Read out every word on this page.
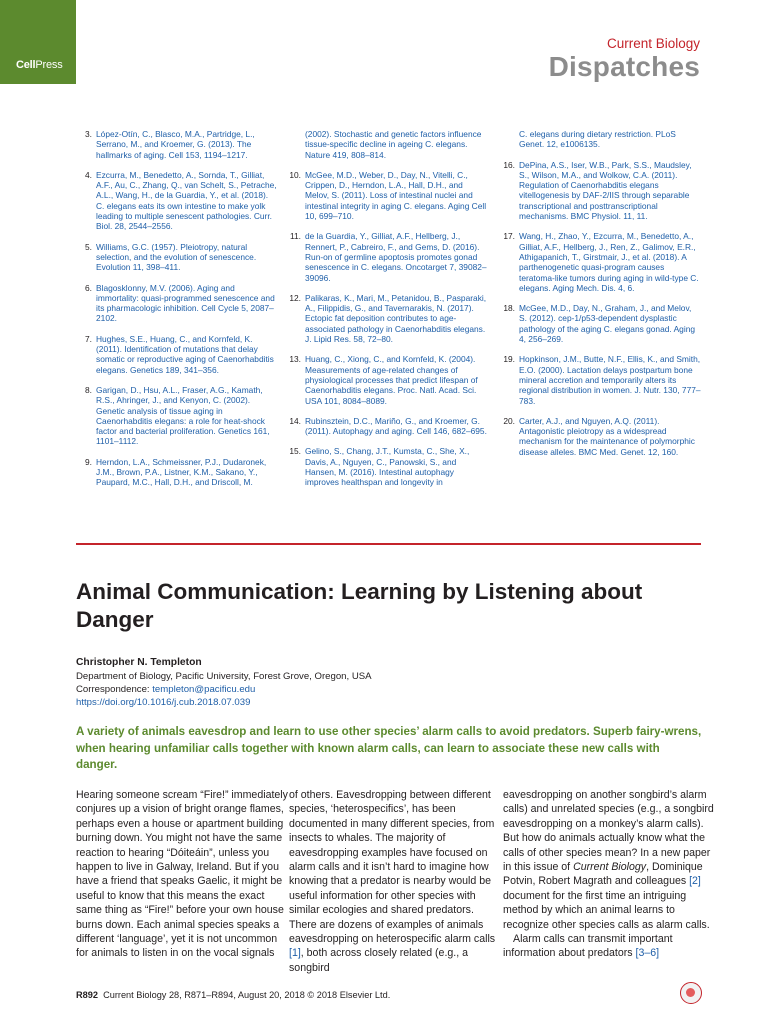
CellPress
Current Biology
Dispatches
3. López-Otín, C., Blasco, M.A., Partridge, L., Serrano, M., and Kroemer, G. (2013). The hallmarks of aging. Cell 153, 1194–1217.
4. Ezcurra, M., Benedetto, A., Sornda, T., Gilliat, A.F., Au, C., Zhang, Q., van Schelt, S., Petrache, A.L., Wang, H., de la Guardia, Y., et al. (2018). C. elegans eats its own intestine to make yolk leading to multiple senescent pathologies. Curr. Biol. 28, 2544–2556.
5. Williams, G.C. (1957). Pleiotropy, natural selection, and the evolution of senescence. Evolution 11, 398–411.
6. Blagosklonny, M.V. (2006). Aging and immortality: quasi-programmed senescence and its pharmacologic inhibition. Cell Cycle 5, 2087–2102.
7. Hughes, S.E., Huang, C., and Kornfeld, K. (2011). Identification of mutations that delay somatic or reproductive aging of Caenorhabditis elegans. Genetics 189, 341–356.
8. Garigan, D., Hsu, A.L., Fraser, A.G., Kamath, R.S., Ahringer, J., and Kenyon, C. (2002). Genetic analysis of tissue aging in Caenorhabditis elegans: a role for heat-shock factor and bacterial proliferation. Genetics 161, 1101–1112.
9. Herndon, L.A., Schmeissner, P.J., Dudaronek, J.M., Brown, P.A., Listner, K.M., Sakano, Y., Paupard, M.C., Hall, D.H., and Driscoll, M.
(2002). Stochastic and genetic factors influence tissue-specific decline in ageing C. elegans. Nature 419, 808–814.
10. McGee, M.D., Weber, D., Day, N., Vitelli, C., Crippen, D., Herndon, L.A., Hall, D.H., and Melov, S. (2011). Loss of intestinal nuclei and intestinal integrity in aging C. elegans. Aging Cell 10, 699–710.
11. de la Guardia, Y., Gilliat, A.F., Hellberg, J., Rennert, P., Cabreiro, F., and Gems, D. (2016). Run-on of germline apoptosis promotes gonad senescence in C. elegans. Oncotarget 7, 39082–39096.
12. Palikaras, K., Mari, M., Petanidou, B., Pasparaki, A., Filippidis, G., and Tavernarakis, N. (2017). Ectopic fat deposition contributes to age-associated pathology in Caenorhabditis elegans. J. Lipid Res. 58, 72–80.
13. Huang, C., Xiong, C., and Kornfeld, K. (2004). Measurements of age-related changes of physiological processes that predict lifespan of Caenorhabditis elegans. Proc. Natl. Acad. Sci. USA 101, 8084–8089.
14. Rubinsztein, D.C., Mariño, G., and Kroemer, G. (2011). Autophagy and aging. Cell 146, 682–695.
15. Gelino, S., Chang, J.T., Kumsta, C., She, X., Davis, A., Nguyen, C., Panowski, S., and Hansen, M. (2016). Intestinal autophagy improves healthspan and longevity in
C. elegans during dietary restriction. PLoS Genet. 12, e1006135.
16. DePina, A.S., Iser, W.B., Park, S.S., Maudsley, S., Wilson, M.A., and Wolkow, C.A. (2011). Regulation of Caenorhabditis elegans vitellogenesis by DAF-2/IIS through separable transcriptional and posttranscriptional mechanisms. BMC Physiol. 11, 11.
17. Wang, H., Zhao, Y., Ezcurra, M., Benedetto, A., Gilliat, A.F., Hellberg, J., Ren, Z., Galimov, E.R., Athigapanich, T., Girstmair, J., et al. (2018). A parthenogenetic quasi-program causes teratoma-like tumors during aging in wild-type C. elegans. Aging Mech. Dis. 4, 6.
18. McGee, M.D., Day, N., Graham, J., and Melov, S. (2012). cep-1/p53-dependent dysplastic pathology of the aging C. elegans gonad. Aging 4, 256–269.
19. Hopkinson, J.M., Butte, N.F., Ellis, K., and Smith, E.O. (2000). Lactation delays postpartum bone mineral accretion and temporarily alters its regional distribution in women. J. Nutr. 130, 777–783.
20. Carter, A.J., and Nguyen, A.Q. (2011). Antagonistic pleiotropy as a widespread mechanism for the maintenance of polymorphic disease alleles. BMC Med. Genet. 12, 160.
Animal Communication: Learning by Listening about Danger
Christopher N. Templeton
Department of Biology, Pacific University, Forest Grove, Oregon, USA
Correspondence: templeton@pacificu.edu
https://doi.org/10.1016/j.cub.2018.07.039

A variety of animals eavesdrop and learn to use other species’ alarm calls to avoid predators. Superb fairy-wrens, when hearing unfamiliar calls together with known alarm calls, can learn to associate these new calls with danger.

Hearing someone scream “Fire!” immediately conjures up a vision of bright orange flames, perhaps even a house or apartment building burning down. You might not have the same reaction to hearing “Dóiteáin”, unless you happen to live in Galway, Ireland. But if you have a friend that speaks Gaelic, it might be useful to know that this means the exact same thing as “Fire!” before your own house burns down. Each animal species speaks a different ‘language’, yet it is not uncommon for animals to listen in on the vocal signals

of others. Eavesdropping between different species, ‘heterospecifics’, has been documented in many different species, from insects to whales. The majority of eavesdropping examples have focused on alarm calls and it isn’t hard to imagine how knowing that a predator is nearby would be useful information for other species with similar ecologies and shared predators. There are dozens of examples of animals eavesdropping on heterospecific alarm calls [1], both across closely related (e.g., a songbird

eavesdropping on another songbird’s alarm calls) and unrelated species (e.g., a songbird eavesdropping on a monkey’s alarm calls). But how do animals actually know what the calls of other species mean? In a new paper in this issue of Current Biology, Dominique Potvin, Robert Magrath and colleagues [2] document for the first time an intriguing method by which an animal learns to recognize other species calls as alarm calls.

Alarm calls can transmit important information about predators [3–6]

R892 Current Biology 28, R871–R894, August 20, 2018 © 2018 Elsevier Ltd.
